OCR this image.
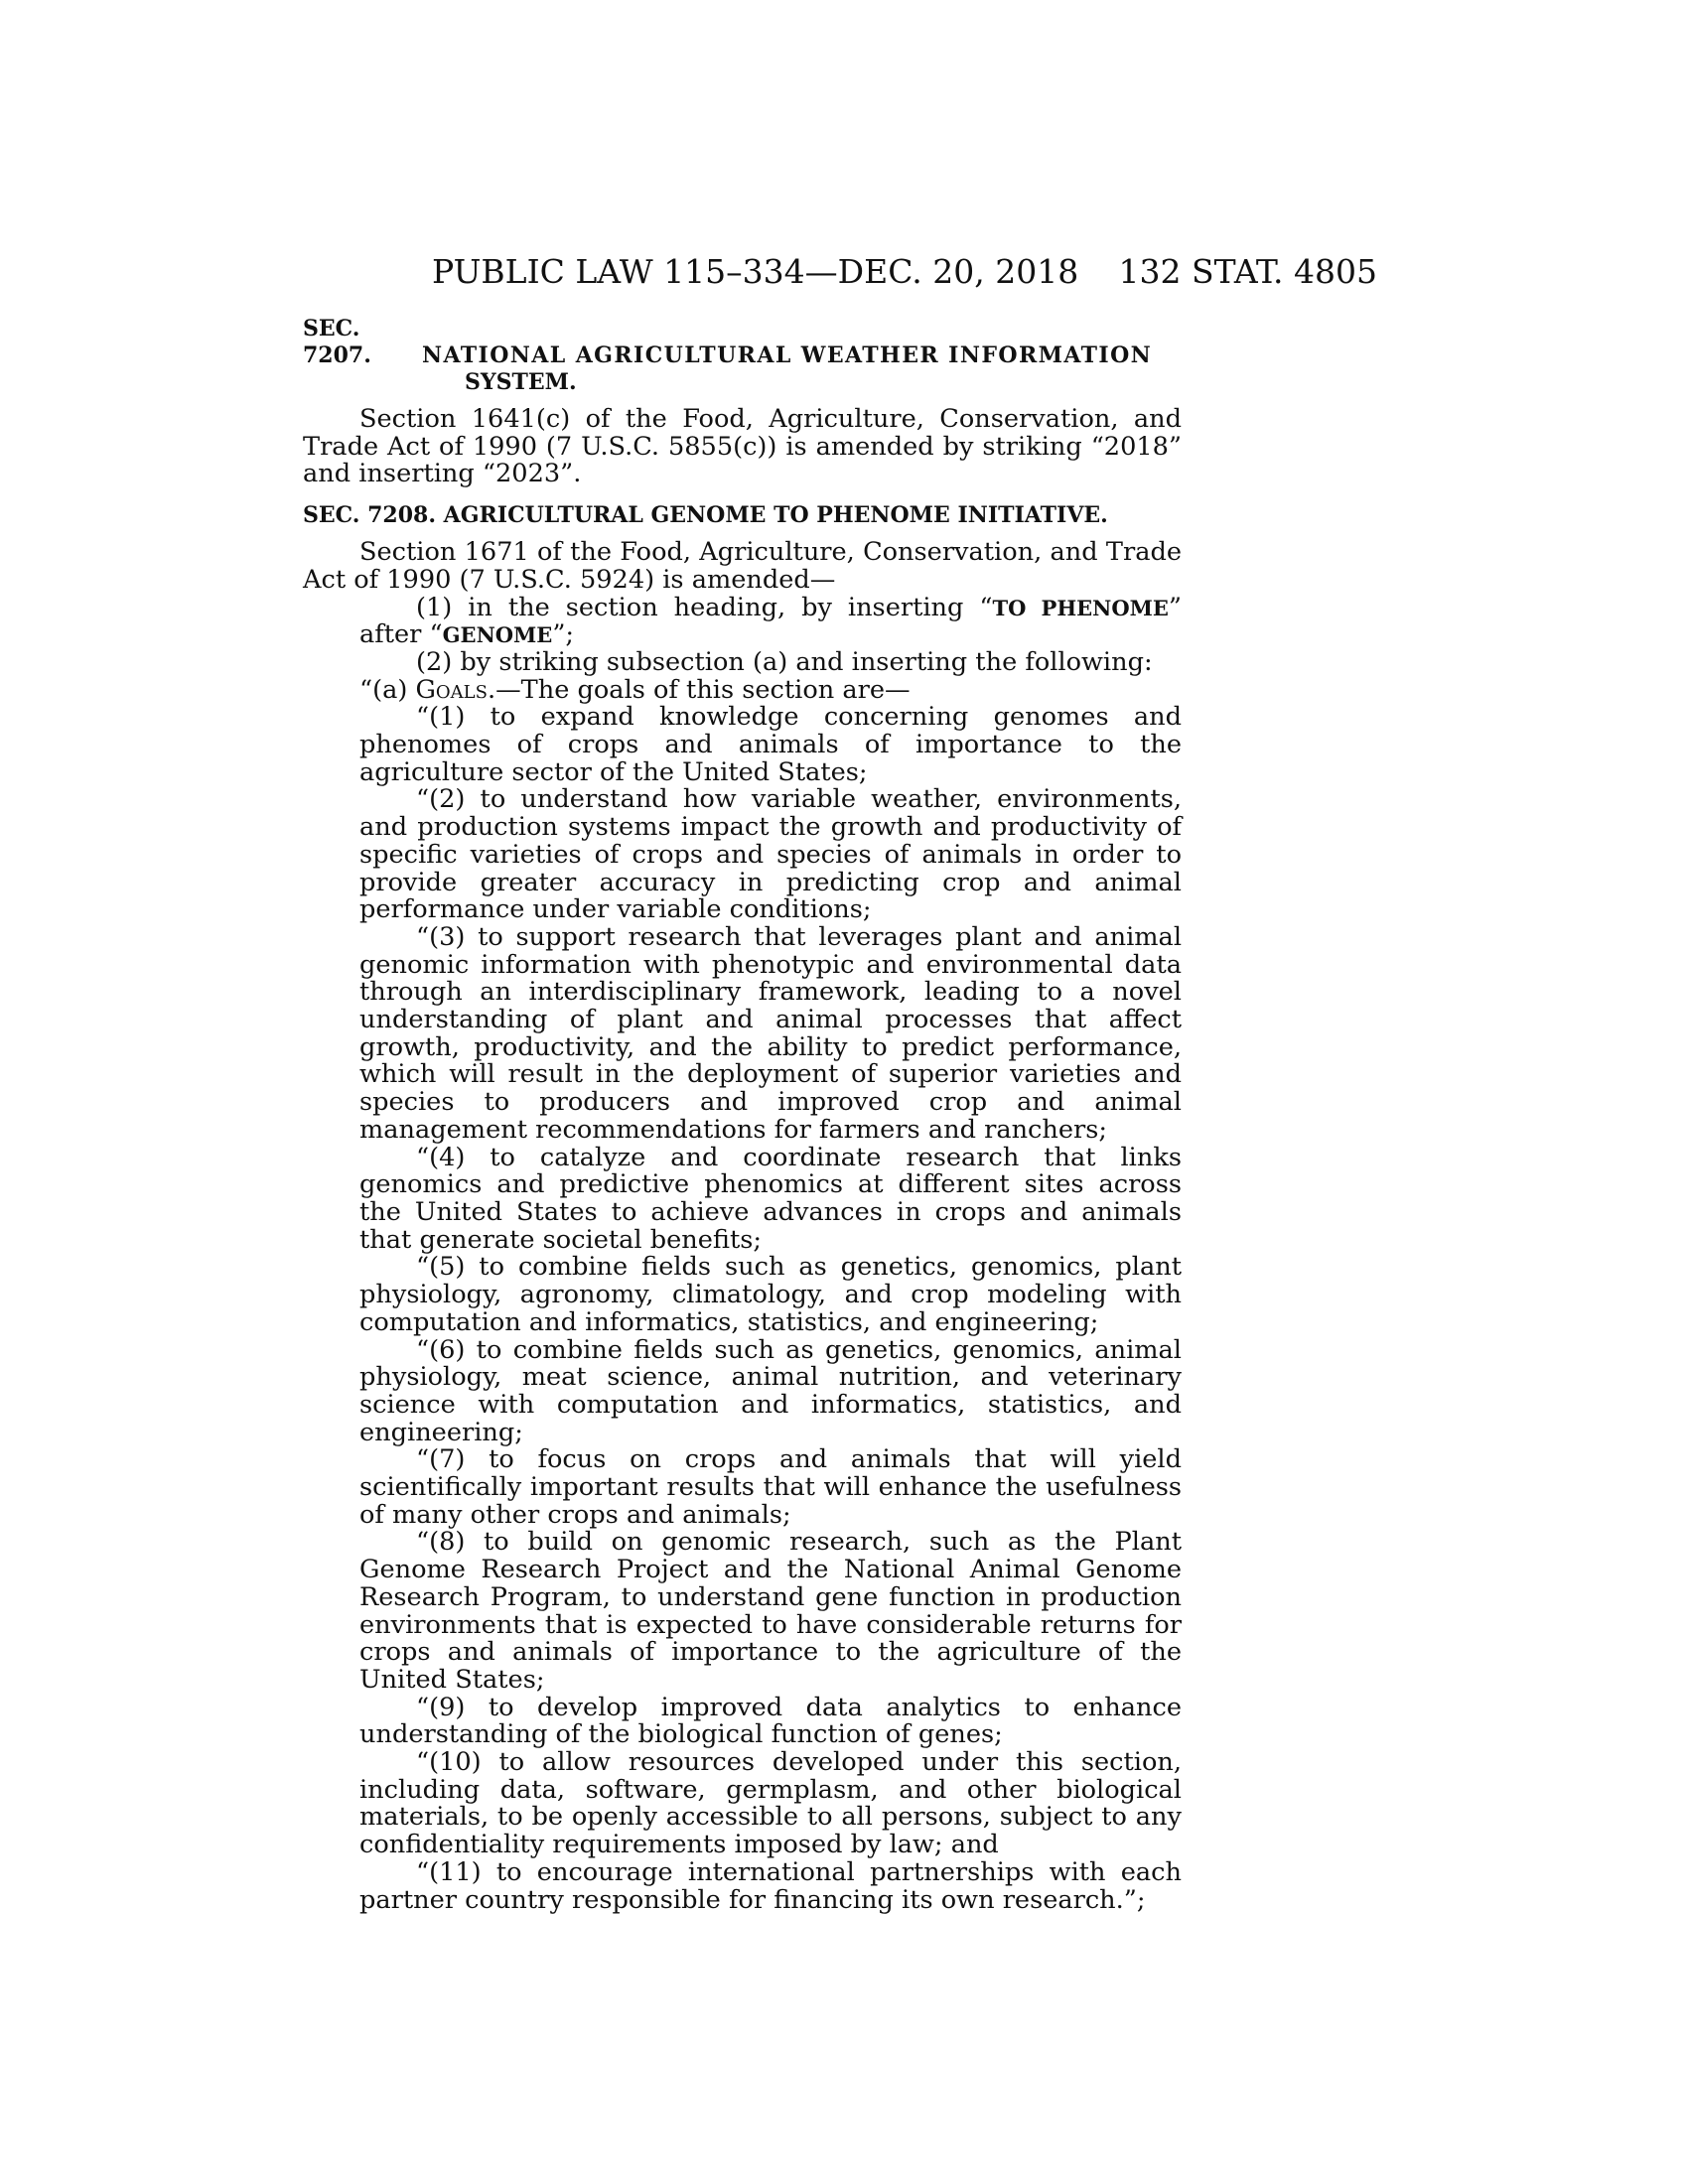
PUBLIC LAW 115–334—DEC. 20, 2018 132 STAT. 4805
SEC. 7207. NATIONAL AGRICULTURAL WEATHER INFORMATION
SYSTEM.

Section 1641(c) of the Food, Agriculture, Conservation, and Trade Act of 1990 (7 U.S.C. 5855(c)) is amended by striking “2018” and inserting “2023”.

SEC. 7208. AGRICULTURAL GENOME TO PHENOME INITIATIVE.

Section 1671 of the Food, Agriculture, Conservation, and Trade Act of 1990 (7 U.S.C. 5924) is amended—

(1) in the section heading, by inserting “TO PHENOME” after “GENOME”;

(2) by striking subsection (a) and inserting the following:

“(a) Goals.—The goals of this section are—

“(1) to expand knowledge concerning genomes and phenomes of crops and animals of importance to the agriculture sector of the United States;

“(2) to understand how variable weather, environments, and production systems impact the growth and productivity of specific varieties of crops and species of animals in order to provide greater accuracy in predicting crop and animal performance under variable conditions;

“(3) to support research that leverages plant and animal genomic information with phenotypic and environmental data through an interdisciplinary framework, leading to a novel understanding of plant and animal processes that affect growth, productivity, and the ability to predict performance, which will result in the deployment of superior varieties and species to producers and improved crop and animal management recommendations for farmers and ranchers;

“(4) to catalyze and coordinate research that links genomics and predictive phenomics at different sites across the United States to achieve advances in crops and animals that generate societal benefits;

“(5) to combine fields such as genetics, genomics, plant physiology, agronomy, climatology, and crop modeling with computation and informatics, statistics, and engineering;

“(6) to combine fields such as genetics, genomics, animal physiology, meat science, animal nutrition, and veterinary science with computation and informatics, statistics, and engineering;

“(7) to focus on crops and animals that will yield scientifically important results that will enhance the usefulness of many other crops and animals;

“(8) to build on genomic research, such as the Plant Genome Research Project and the National Animal Genome Research Program, to understand gene function in production environments that is expected to have considerable returns for crops and animals of importance to the agriculture of the United States;

“(9) to develop improved data analytics to enhance understanding of the biological function of genes;

“(10) to allow resources developed under this section, including data, software, germplasm, and other biological materials, to be openly accessible to all persons, subject to any confidentiality requirements imposed by law; and

“(11) to encourage international partnerships with each partner country responsible for financing its own research.”;
